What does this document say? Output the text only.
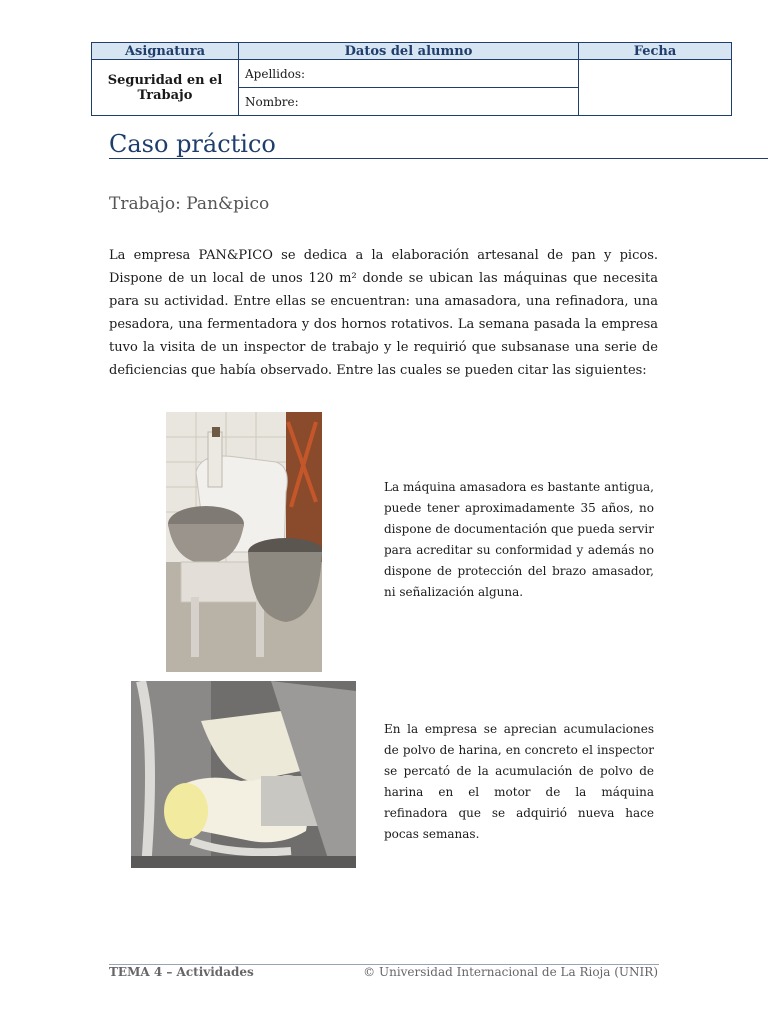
Asignatura	Datos del alumno	Fecha
Seguridad en el
Trabajo	Apellidos:	
	Nombre:	
Caso práctico
Trabajo: Pan&pico

La empresa PAN&PICO se dedica a la elaboración artesanal de pan y picos. Dispone de un local de unos 120 m² donde se ubican las máquinas que necesita para su actividad. Entre ellas se encuentran: una amasadora, una refinadora, una pesadora, una fermentadora y dos hornos rotativos. La semana pasada la empresa tuvo la visita de un inspector de trabajo y le requirió que subsanase una serie de deficiencias que había observado. Entre las cuales se pueden citar las siguientes:

La máquina amasadora es bastante antigua, puede tener aproximadamente 35 años, no dispone de documentación que pueda servir para acreditar su conformidad y además no dispone de protección del brazo amasador, ni señalización alguna.

En la empresa se aprecian acumulaciones de polvo de harina, en concreto el inspector se percató de la acumulación de polvo de harina en el motor de la máquina refinadora que se adquirió nueva hace pocas semanas.

TEMA 4 – Actividades	© Universidad Internacional de La Rioja (UNIR)
